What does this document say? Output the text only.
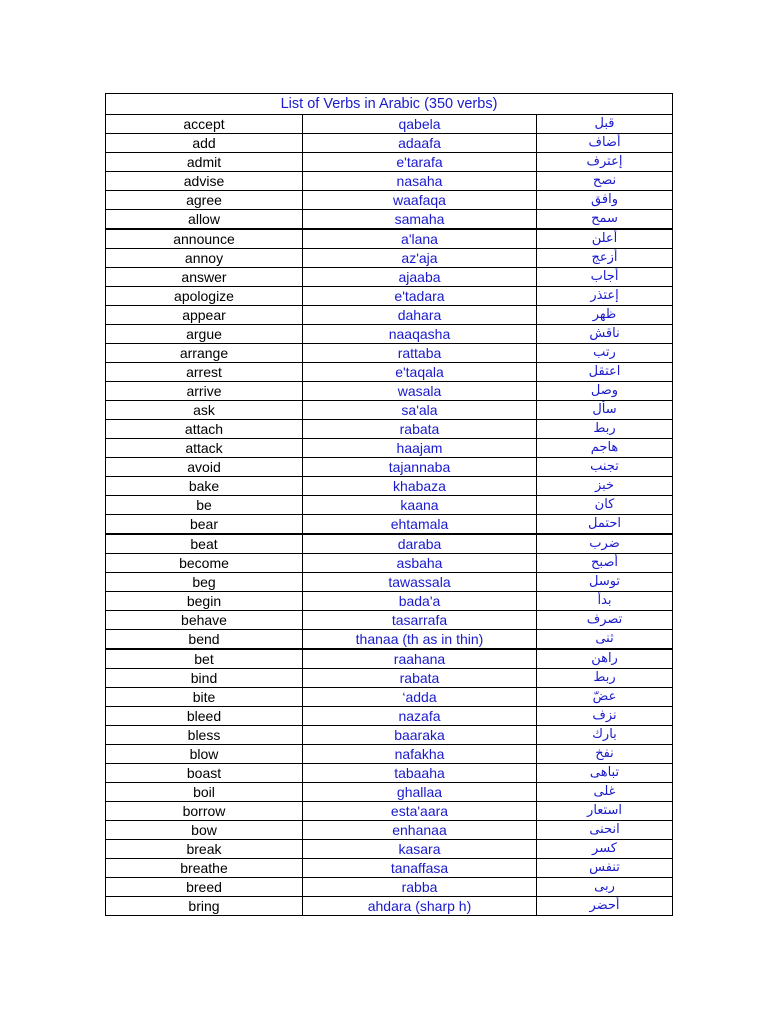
List of Verbs in Arabic (350 verbs)		
accept	qabela	قبل
add	adaafa	أضاف
admit	e'tarafa	إعترف
advise	nasaha	نصح
agree	waafaqa	وافق
allow	samaha	سمح
announce	a'lana	أعلن
annoy	az'aja	أزعج
answer	ajaaba	أجاب
apologize	e'tadara	إعتذر
appear	dahara	ظهر
argue	naaqasha	ناقش
arrange	rattaba	رتب
arrest	e'taqala	اعتقل
arrive	wasala	وصل
ask	sa'ala	سأل
attach	rabata	ربط
attack	haajam	هاجم
avoid	tajannaba	تجنب
bake	khabaza	خبز
be	kaana	كان
bear	ehtamala	احتمل
beat	daraba	ضرب
become	asbaha	أصبح
beg	tawassala	توسل
begin	bada'a	بدأ
behave	tasarrafa	تصرف
bend	thanaa (th as in thin)	ثنى
bet	raahana	راهن
bind	rabata	ربط
bite	‘adda	عضّ
bleed	nazafa	نزف
bless	baaraka	بارك
blow	nafakha	نفخ
boast	tabaaha	تباهى
boil	ghallaa	غلى
borrow	esta'aara	استعار
bow	enhanaa	انحنى
break	kasara	كسر
breathe	tanaffasa	تنفس
breed	rabba	ربى
bring	ahdara (sharp h)	أحضر
